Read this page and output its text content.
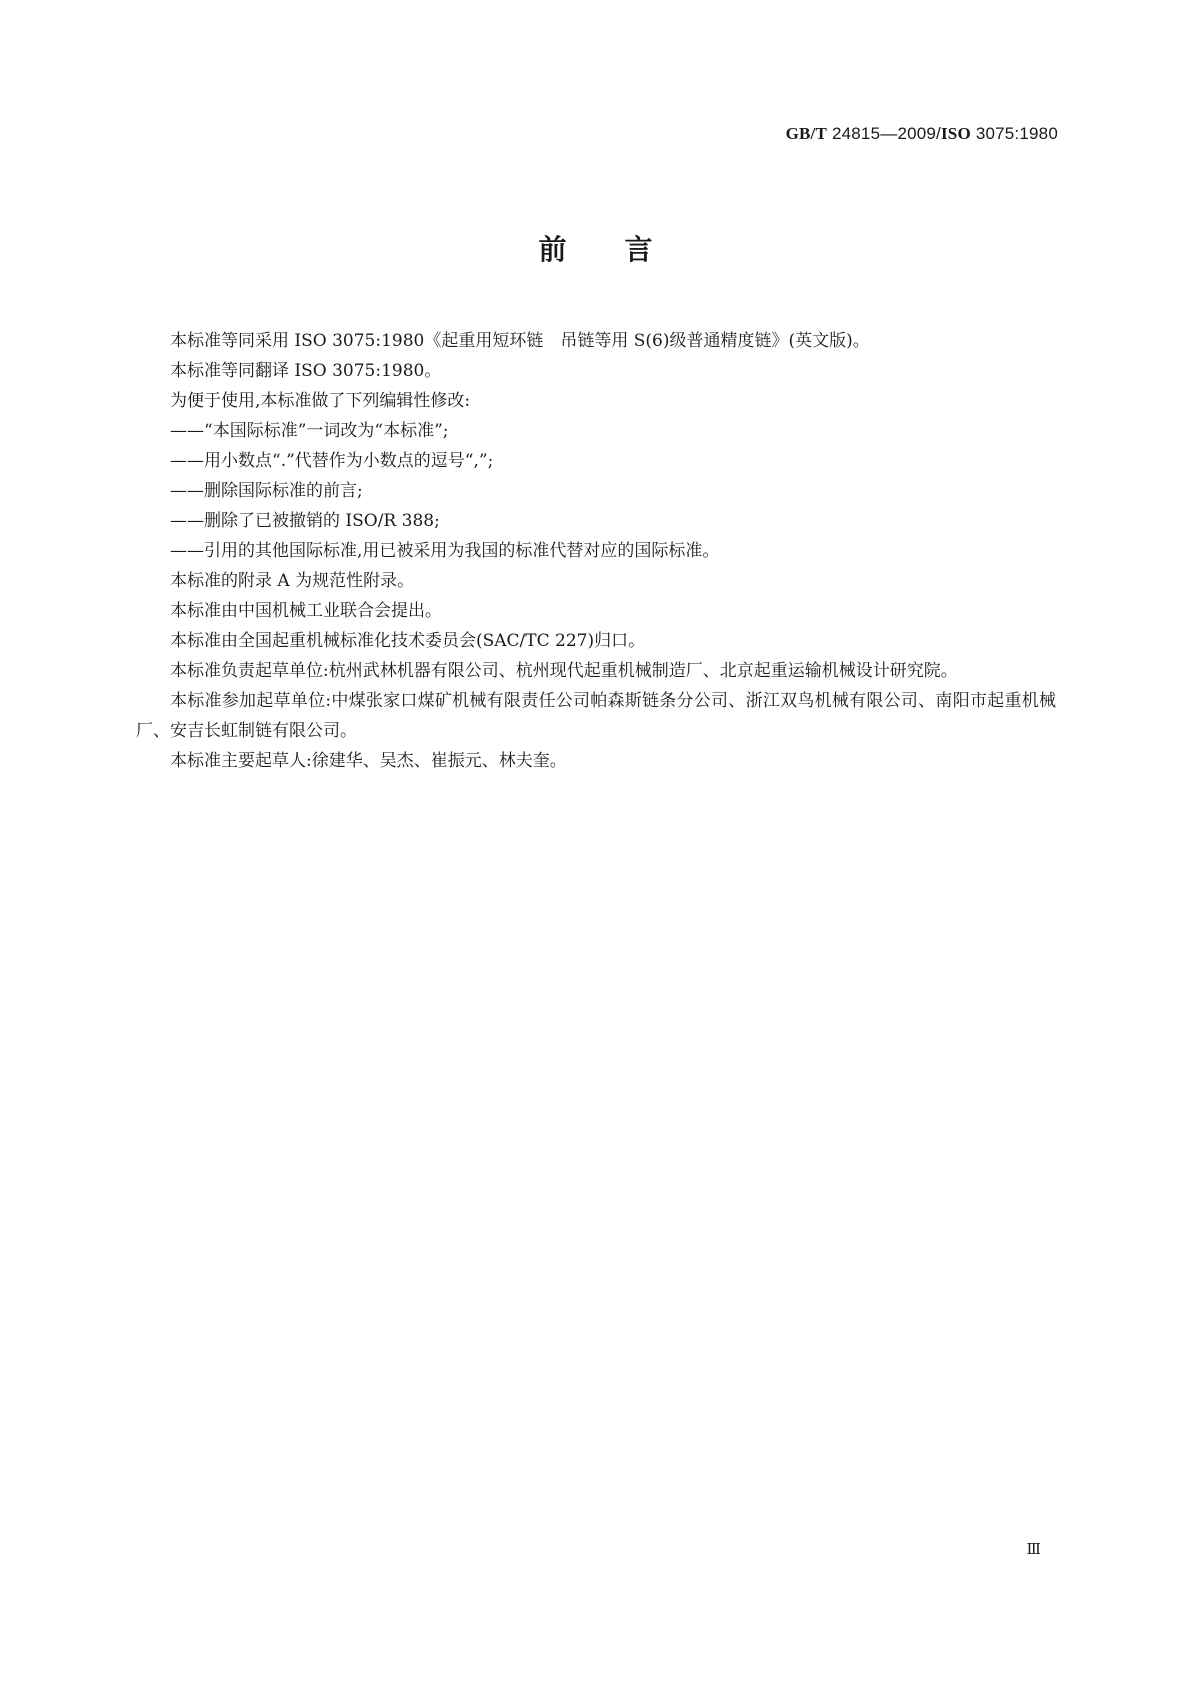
GB/T 24815—2009/ISO 3075:1980
前言

本标准等同采用 ISO 3075:1980《起重用短环链　吊链等用 S(6)级普通精度链》(英文版)。

本标准等同翻译 ISO 3075:1980。

为便于使用,本标准做了下列编辑性修改:

——“本国际标准”一词改为“本标准”;

——用小数点“.”代替作为小数点的逗号“,”;

——删除国际标准的前言;

——删除了已被撤销的 ISO/R 388;

——引用的其他国际标准,用已被采用为我国的标准代替对应的国际标准。

本标准的附录 A 为规范性附录。

本标准由中国机械工业联合会提出。

本标准由全国起重机械标准化技术委员会(SAC/TC 227)归口。

本标准负责起草单位:杭州武林机器有限公司、杭州现代起重机械制造厂、北京起重运输机械设计研究院。

本标准参加起草单位:中煤张家口煤矿机械有限责任公司帕森斯链条分公司、浙江双鸟机械有限公司、南阳市起重机械厂、安吉长虹制链有限公司。

本标准主要起草人:徐建华、吴杰、崔振元、林夫奎。

Ⅲ
